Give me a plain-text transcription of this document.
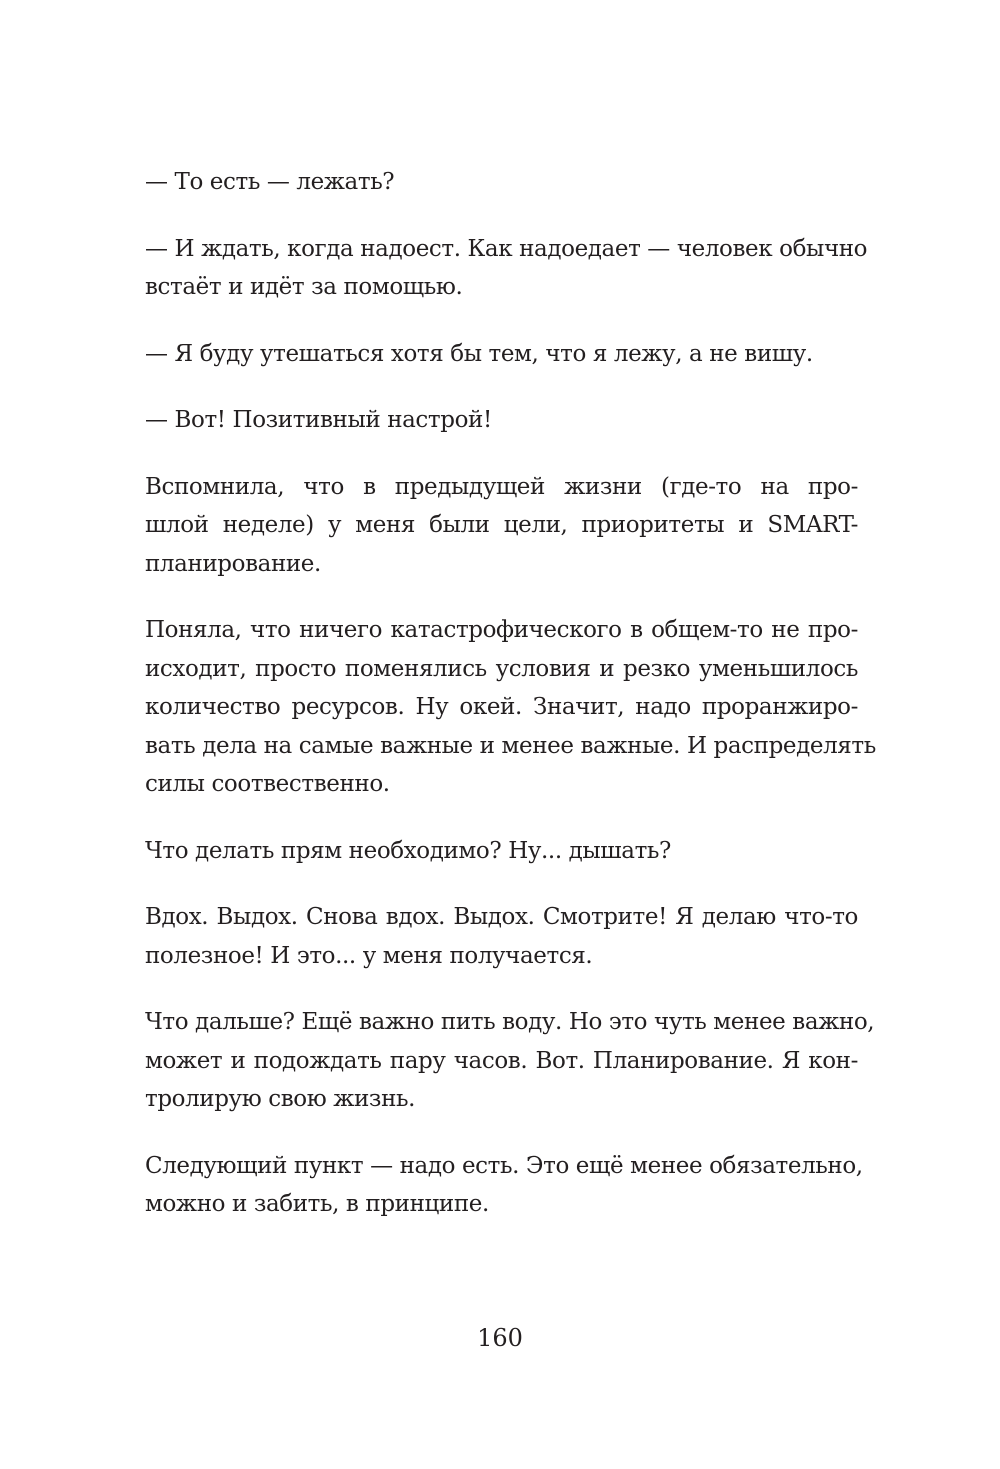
— То есть — лежать?

— И ждать, когда надоест. Как надоедает — человек обычно
встаёт и идёт за помощью.

— Я буду утешаться хотя бы тем, что я лежу, а не вишу.

— Вот! Позитивный настрой!

Вспомнила, что в предыдущей жизни (где-то на про-
шлой неделе) у меня были цели, приоритеты и SMART-
планирование.

Поняла, что ничего катастрофического в общем-то не про-
исходит, просто поменялись условия и резко уменьшилось
количество ресурсов. Ну окей. Значит, надо проранжиро-
вать дела на самые важные и менее важные. И распределять
силы соотвественно.

Что делать прям необходимо? Ну... дышать?

Вдох. Выдох. Снова вдох. Выдох. Смотрите! Я делаю что-то
полезное! И это... у меня получается.

Что дальше? Ещё важно пить воду. Но это чуть менее важно,
может и подождать пару часов. Вот. Планирование. Я кон-
тролирую свою жизнь.

Следующий пункт — надо есть. Это ещё менее обязательно,
можно и забить, в принципе.

160
